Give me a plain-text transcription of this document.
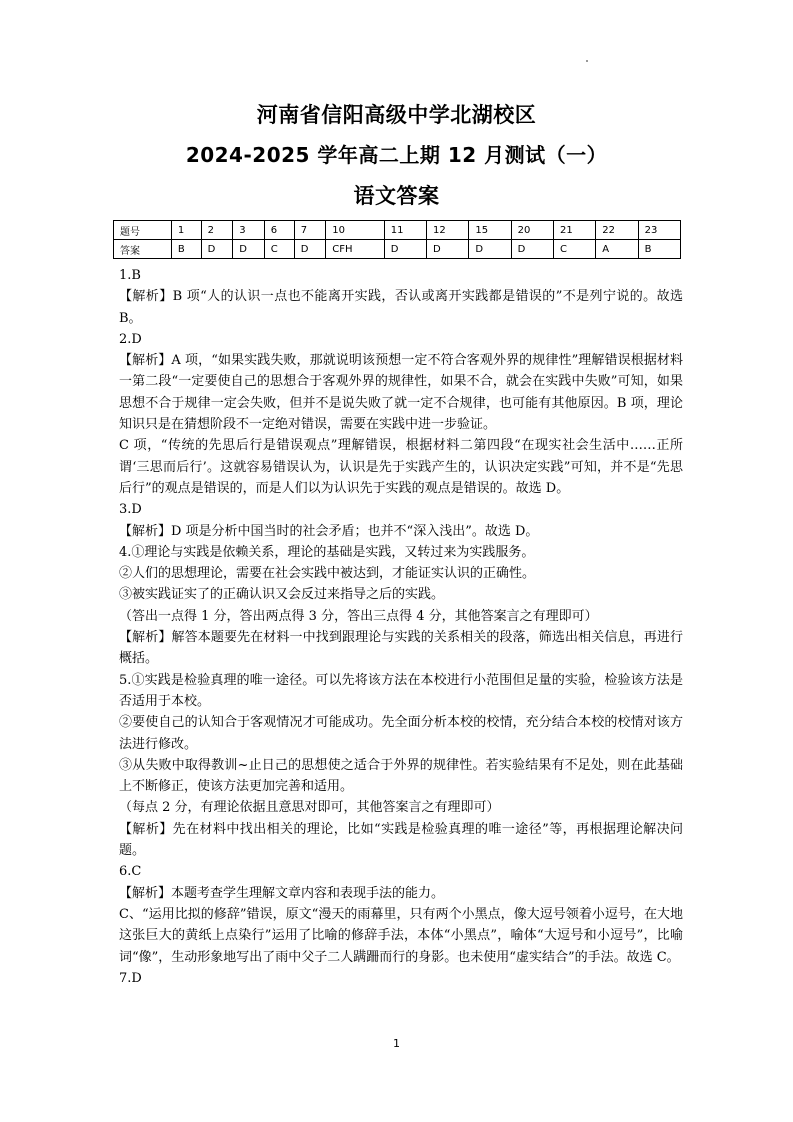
河南省信阳高级中学北湖校区
2024-2025 学年高二上期 12 月测试（一）
语文答案
题号	1	2	3	6	7	10	11	12	15	20	21	22	23
答案	B	D	D	C	D	CFH	D	D	D	D	C	A	B

1.B

【解析】B 项“人的认识一点也不能离开实践，否认或离开实践都是错误的”不是列宁说的。故选 B。

2.D

【解析】A 项，“如果实践失败，那就说明该预想一定不符合客观外界的规律性”理解错误根据材料一第二段“一定要使自己的思想合于客观外界的规律性，如果不合，就会在实践中失败”可知，如果思想不合于规律一定会失败，但并不是说失败了就一定不合规律，也可能有其他原因。B 项，理论知识只是在猜想阶段不一定绝对错误，需要在实践中进一步验证。

C 项，“传统的先思后行是错误观点”理解错误，根据材料二第四段“在现实社会生活中……正所谓‘三思而后行’。这就容易错误认为，认识是先于实践产生的，认识决定实践”可知，并不是“先思后行”的观点是错误的，而是人们以为认识先于实践的观点是错误的。故选 D。

3.D

【解析】D 项是分析中国当时的社会矛盾；也并不“深入浅出”。故选 D。

4.①理论与实践是依赖关系，理论的基础是实践，又转过来为实践服务。

②人们的思想理论，需要在社会实践中被达到，才能证实认识的正确性。

③被实践证实了的正确认识又会反过来指导之后的实践。

（答出一点得 1 分，答出两点得 3 分，答出三点得 4 分，其他答案言之有理即可）

【解析】解答本题要先在材料一中找到跟理论与实践的关系相关的段落，筛选出相关信息，再进行概括。

5.①实践是检验真理的唯一途径。可以先将该方法在本校进行小范围但足量的实验，检验该方法是否适用于本校。

②要使自己的认知合于客观情况才可能成功。先全面分析本校的校情，充分结合本校的校情对该方法进行修改。

③从失败中取得教训~止日己的思想使之适合于外界的规律性。若实验结果有不足处，则在此基础上不断修正，使该方法更加完善和适用。

（每点 2 分，有理论依据且意思对即可，其他答案言之有理即可）

【解析】先在材料中找出相关的理论，比如“实践是检验真理的唯一途径”等，再根据理论解决问题。

6.C

【解析】本题考查学生理解文章内容和表现手法的能力。

C、“运用比拟的修辞”错误，原文“漫天的雨幕里，只有两个小黑点，像大逗号领着小逗号，在大地这张巨大的黄纸上点染行”运用了比喻的修辞手法，本体“小黑点”，喻体“大逗号和小逗号”，比喻词“像”，生动形象地写出了雨中父子二人蹒跚而行的身影。也未使用“虚实结合”的手法。故选 C。

7.D

1
